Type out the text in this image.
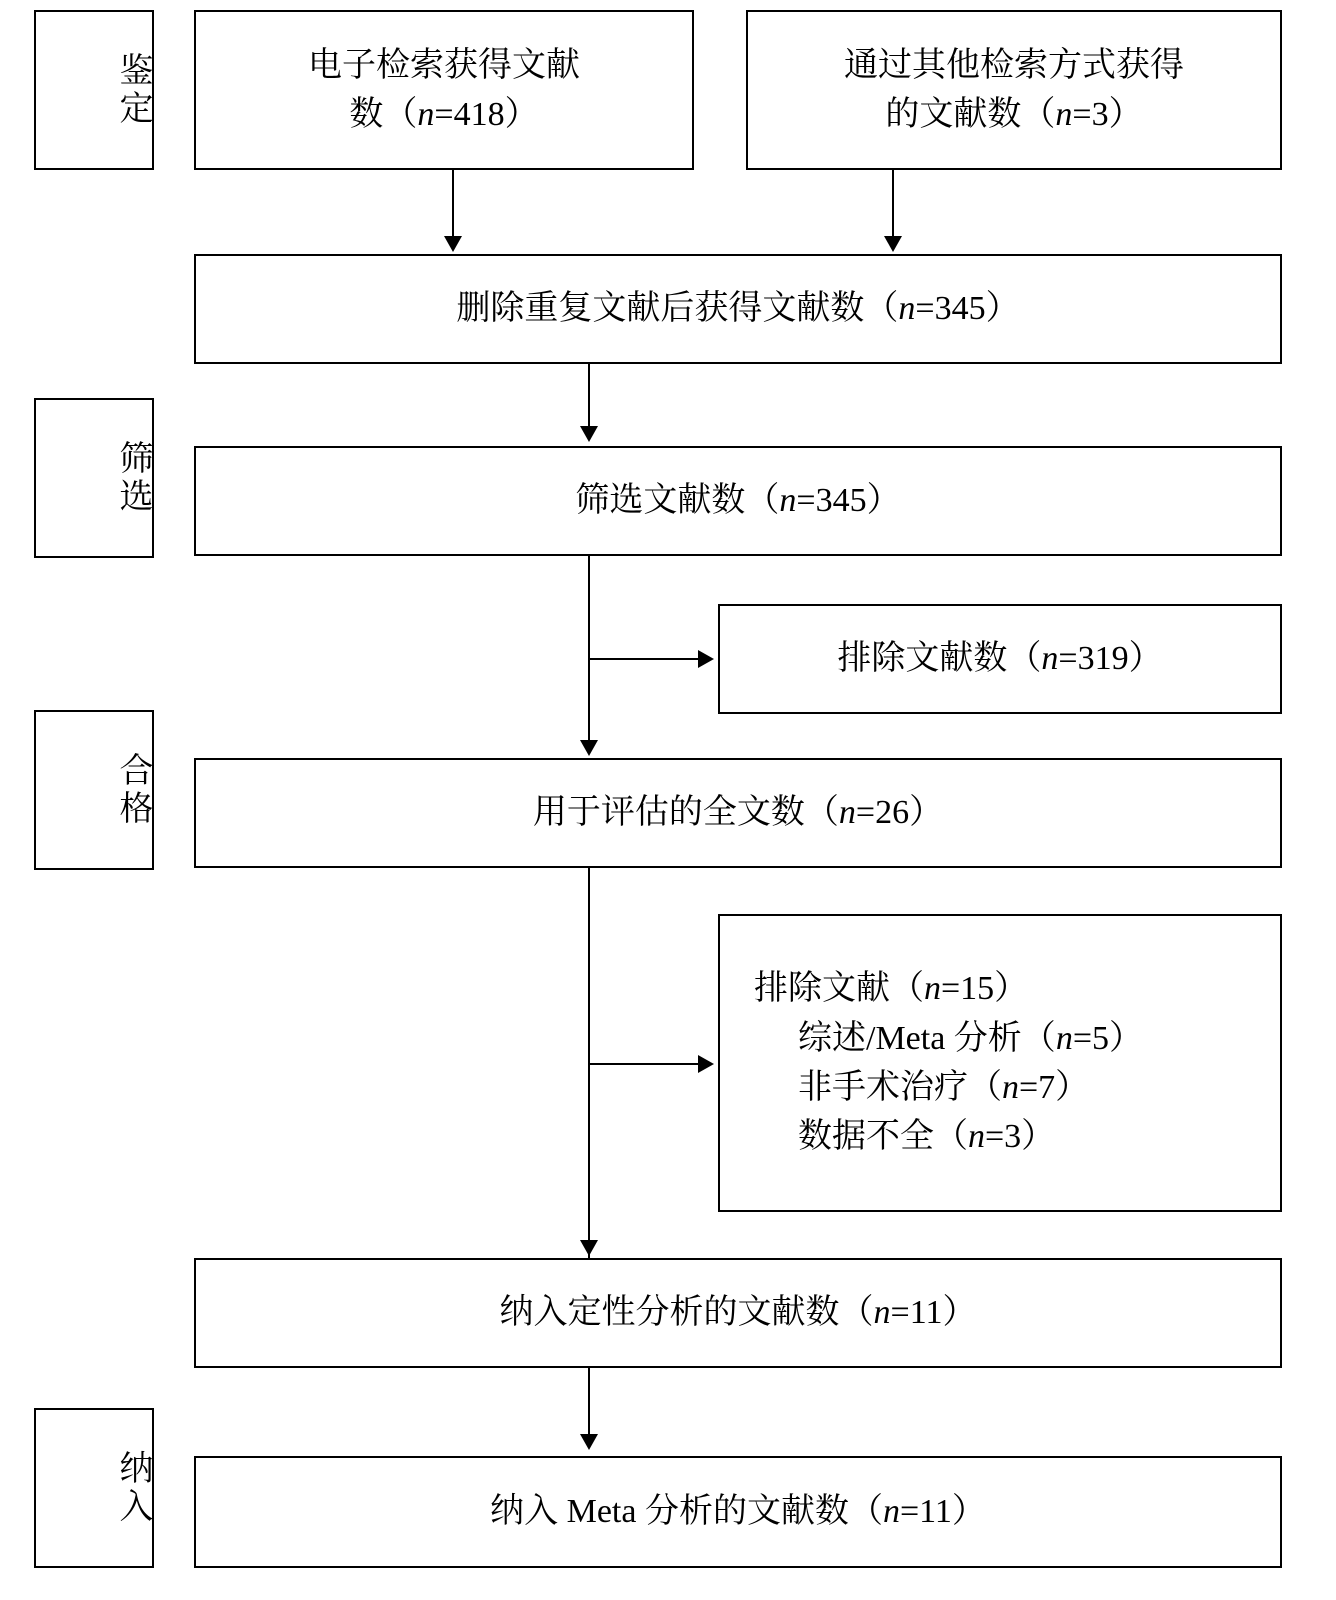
鉴定
筛选
合格
纳入
电子检索获得文献
数（n=418）
通过其他检索方式获得
的文献数（n=3）
删除重复文献后获得文献数（n=345）
筛选文献数（n=345）
排除文献数（n=319）
用于评估的全文数（n=26）
排除文献（n=15）
综述/Meta 分析（n=5）
非手术治疗（n=7）
数据不全（n=3）
纳入定性分析的文献数（n=11）
纳入 Meta 分析的文献数（n=11）
